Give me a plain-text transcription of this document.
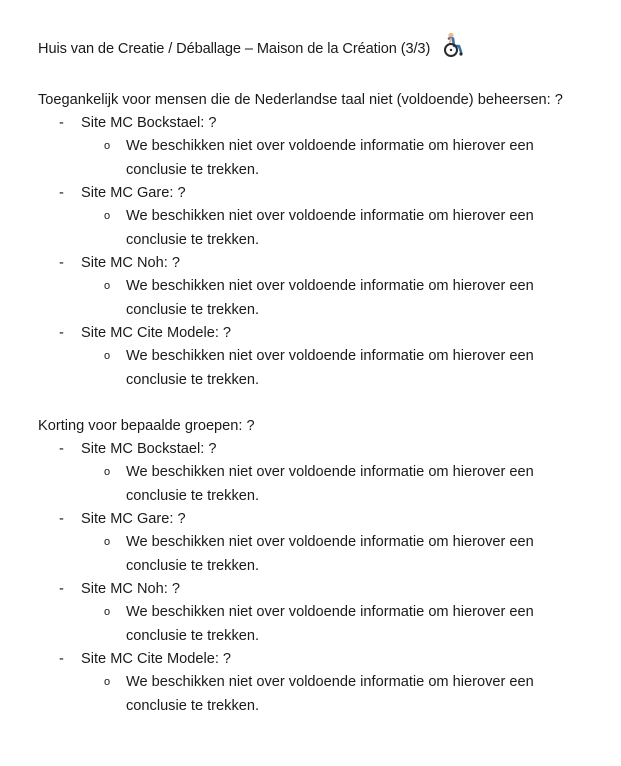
Huis van de Creatie / Déballage – Maison de la Création (3/3)
Toegankelijk voor mensen die de Nederlandse taal niet (voldoende) beheersen: ?
- Site MC Bockstael: ?
o We beschikken niet over voldoende informatie om hierover een conclusie te trekken.
- Site MC Gare: ?
o We beschikken niet over voldoende informatie om hierover een conclusie te trekken.
- Site MC Noh: ?
o We beschikken niet over voldoende informatie om hierover een conclusie te trekken.
- Site MC Cite Modele: ?
o We beschikken niet over voldoende informatie om hierover een conclusie te trekken.
Korting voor bepaalde groepen: ?
- Site MC Bockstael: ?
o We beschikken niet over voldoende informatie om hierover een conclusie te trekken.
- Site MC Gare: ?
o We beschikken niet over voldoende informatie om hierover een conclusie te trekken.
- Site MC Noh: ?
o We beschikken niet over voldoende informatie om hierover een conclusie te trekken.
- Site MC Cite Modele: ?
o We beschikken niet over voldoende informatie om hierover een conclusie te trekken.
